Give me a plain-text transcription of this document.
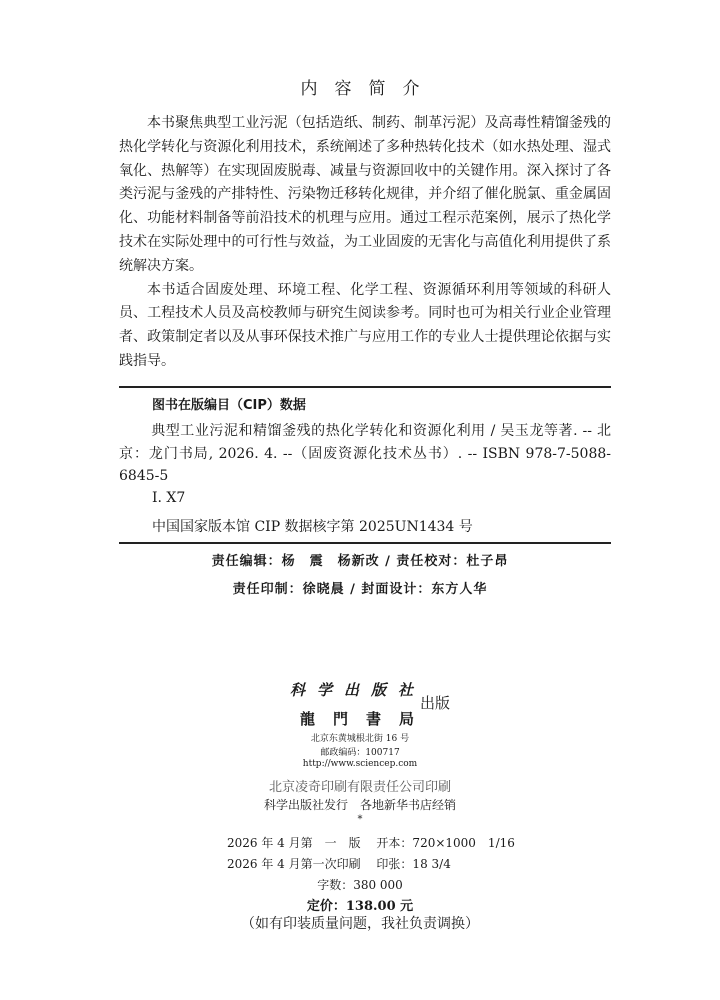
内容简介

本书聚焦典型工业污泥（包括造纸、制药、制革污泥）及高毒性精馏釜残的热化学转化与资源化利用技术，系统阐述了多种热转化技术（如水热处理、湿式氧化、热解等）在实现固废脱毒、减量与资源回收中的关键作用。深入探讨了各类污泥与釜残的产排特性、污染物迁移转化规律，并介绍了催化脱氯、重金属固化、功能材料制备等前沿技术的机理与应用。通过工程示范案例，展示了热化学技术在实际处理中的可行性与效益，为工业固废的无害化与高值化利用提供了系统解决方案。

本书适合固废处理、环境工程、化学工程、资源循环利用等领域的科研人员、工程技术人员及高校教师与研究生阅读参考。同时也可为相关行业企业管理者、政策制定者以及从事环保技术推广与应用工作的专业人士提供理论依据与实践指导。

图书在版编目（CIP）数据
典型工业污泥和精馏釜残的热化学转化和资源化利用 / 吴玉龙等著. -- 北京：龙门书局, 2026. 4. --（固废资源化技术丛书）. -- ISBN 978-7-5088-6845-5
Ⅰ. X7
中国国家版本馆 CIP 数据核字第 2025UN1434 号
责任编辑：杨　震　杨新改 / 责任校对：杜子昂
责任印制：徐晓晨 / 封面设计：东方人华
科学出版社
龍門書局
出版
北京东黄城根北街 16 号
邮政编码：100717
http://www.sciencep.com
北京凌奇印刷有限责任公司印刷
科学出版社发行　各地新华书店经销
*
2026 年 4 月第　一　版　 开本：720×1000　1/16
2026 年 4 月第一次印刷　 印张：18 3/4
字数：380 000
定价：138.00 元
（如有印装质量问题，我社负责调换）
